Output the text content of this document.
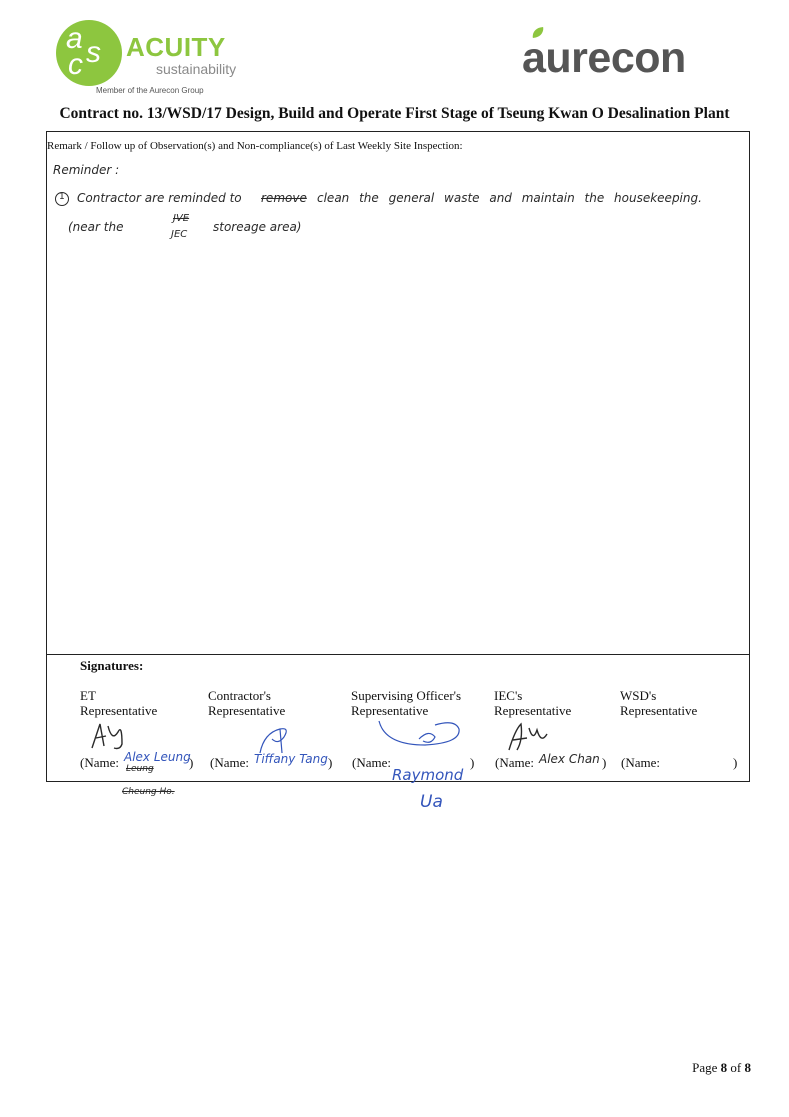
a s
c
ACUITY
sustainability
Member of the Aurecon Group
aurecon
Contract no. 13/WSD/17 Design, Build and Operate First Stage of Tseung Kwan O Desalination Plant
Remark / Follow up of Observation(s) and Non-compliance(s) of Last Weekly Site Inspection:
Reminder :
1 Contractor are reminded to remove clean the general waste and maintain the housekeeping.
(near the
JVE
JEC
storeage area)
Signatures:
ET
Representative
(Name: Alex Leung
Leung	)
Cheung Ho.
Contractor's
Representative
(Name: Tiffany Tang )
Supervising Officer's
Representative
(Name:
Raymond
Ua
)
IEC's
Representative
(Name: Alex Chan )
WSD's
Representative
(Name:	)
Page 8 of 8
